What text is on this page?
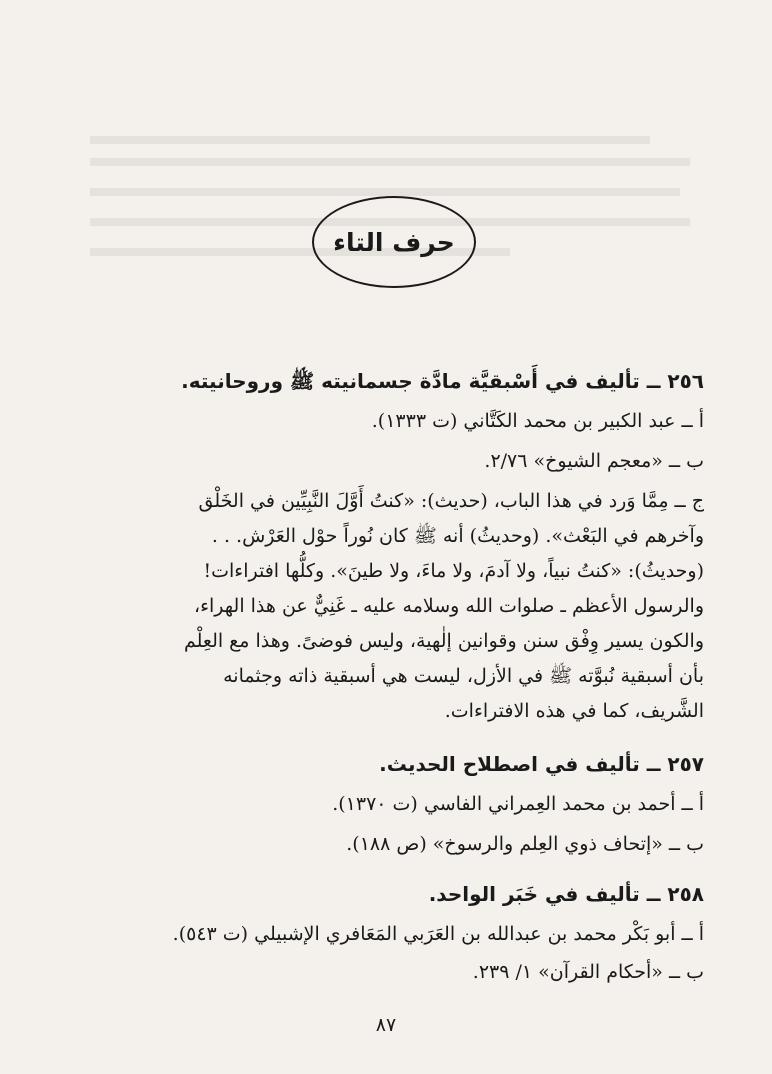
حرف التاء
٢٥٦ ــ تأليف في أَسْبقيَّة مادَّة جسمانيته ﷺ وروحانيته.
أ ــ عبد الكبير بن محمد الكَتَّاني (ت ١٣٣٣).
ب ــ «معجم الشيوخ» ٢/٧٦.
ج ــ مِمَّا وَرد في هذا الباب، (حديث): «كنتُ أَوَّلَ النَّبِيِّين في الخَلْق
وآخرهم في البَعْث». (وحديثُ) أنه ﷺ كان نُوراً حوْل العَرْش. . .
(وحديثُ): «كنتُ نبياً، ولا آدمَ، ولا ماءَ، ولا طينَ». وكلُّها افتراءات!
والرسول الأعظم ـ صلوات الله وسلامه عليه ـ غَنِيٌّ عن هذا الهراء،
والكون يسير وِفْق سنن وقوانين إلٰهية، وليس فوضىً. وهذا مع العِلْم
بأن أسبقية نُبوَّته ﷺ في الأزل، ليست هي أسبقية ذاته وجثمانه
الشَّريف، كما في هذه الافتراءات.
٢٥٧ ــ تأليف في اصطلاح الحديث.
أ ــ أحمد بن محمد العِمراني الفاسي (ت ١٣٧٠).
ب ــ «إتحاف ذوي العِلم والرسوخ» (ص ١٨٨).
٢٥٨ ــ تأليف في خَبَر الواحد.
أ ــ أبو بَكْر محمد بن عبدالله بن العَرَبي المَعَافري الإشبيلي (ت ٥٤٣).
ب ــ «أحكام القرآن» ١/ ٢٣٩.
٨٧
